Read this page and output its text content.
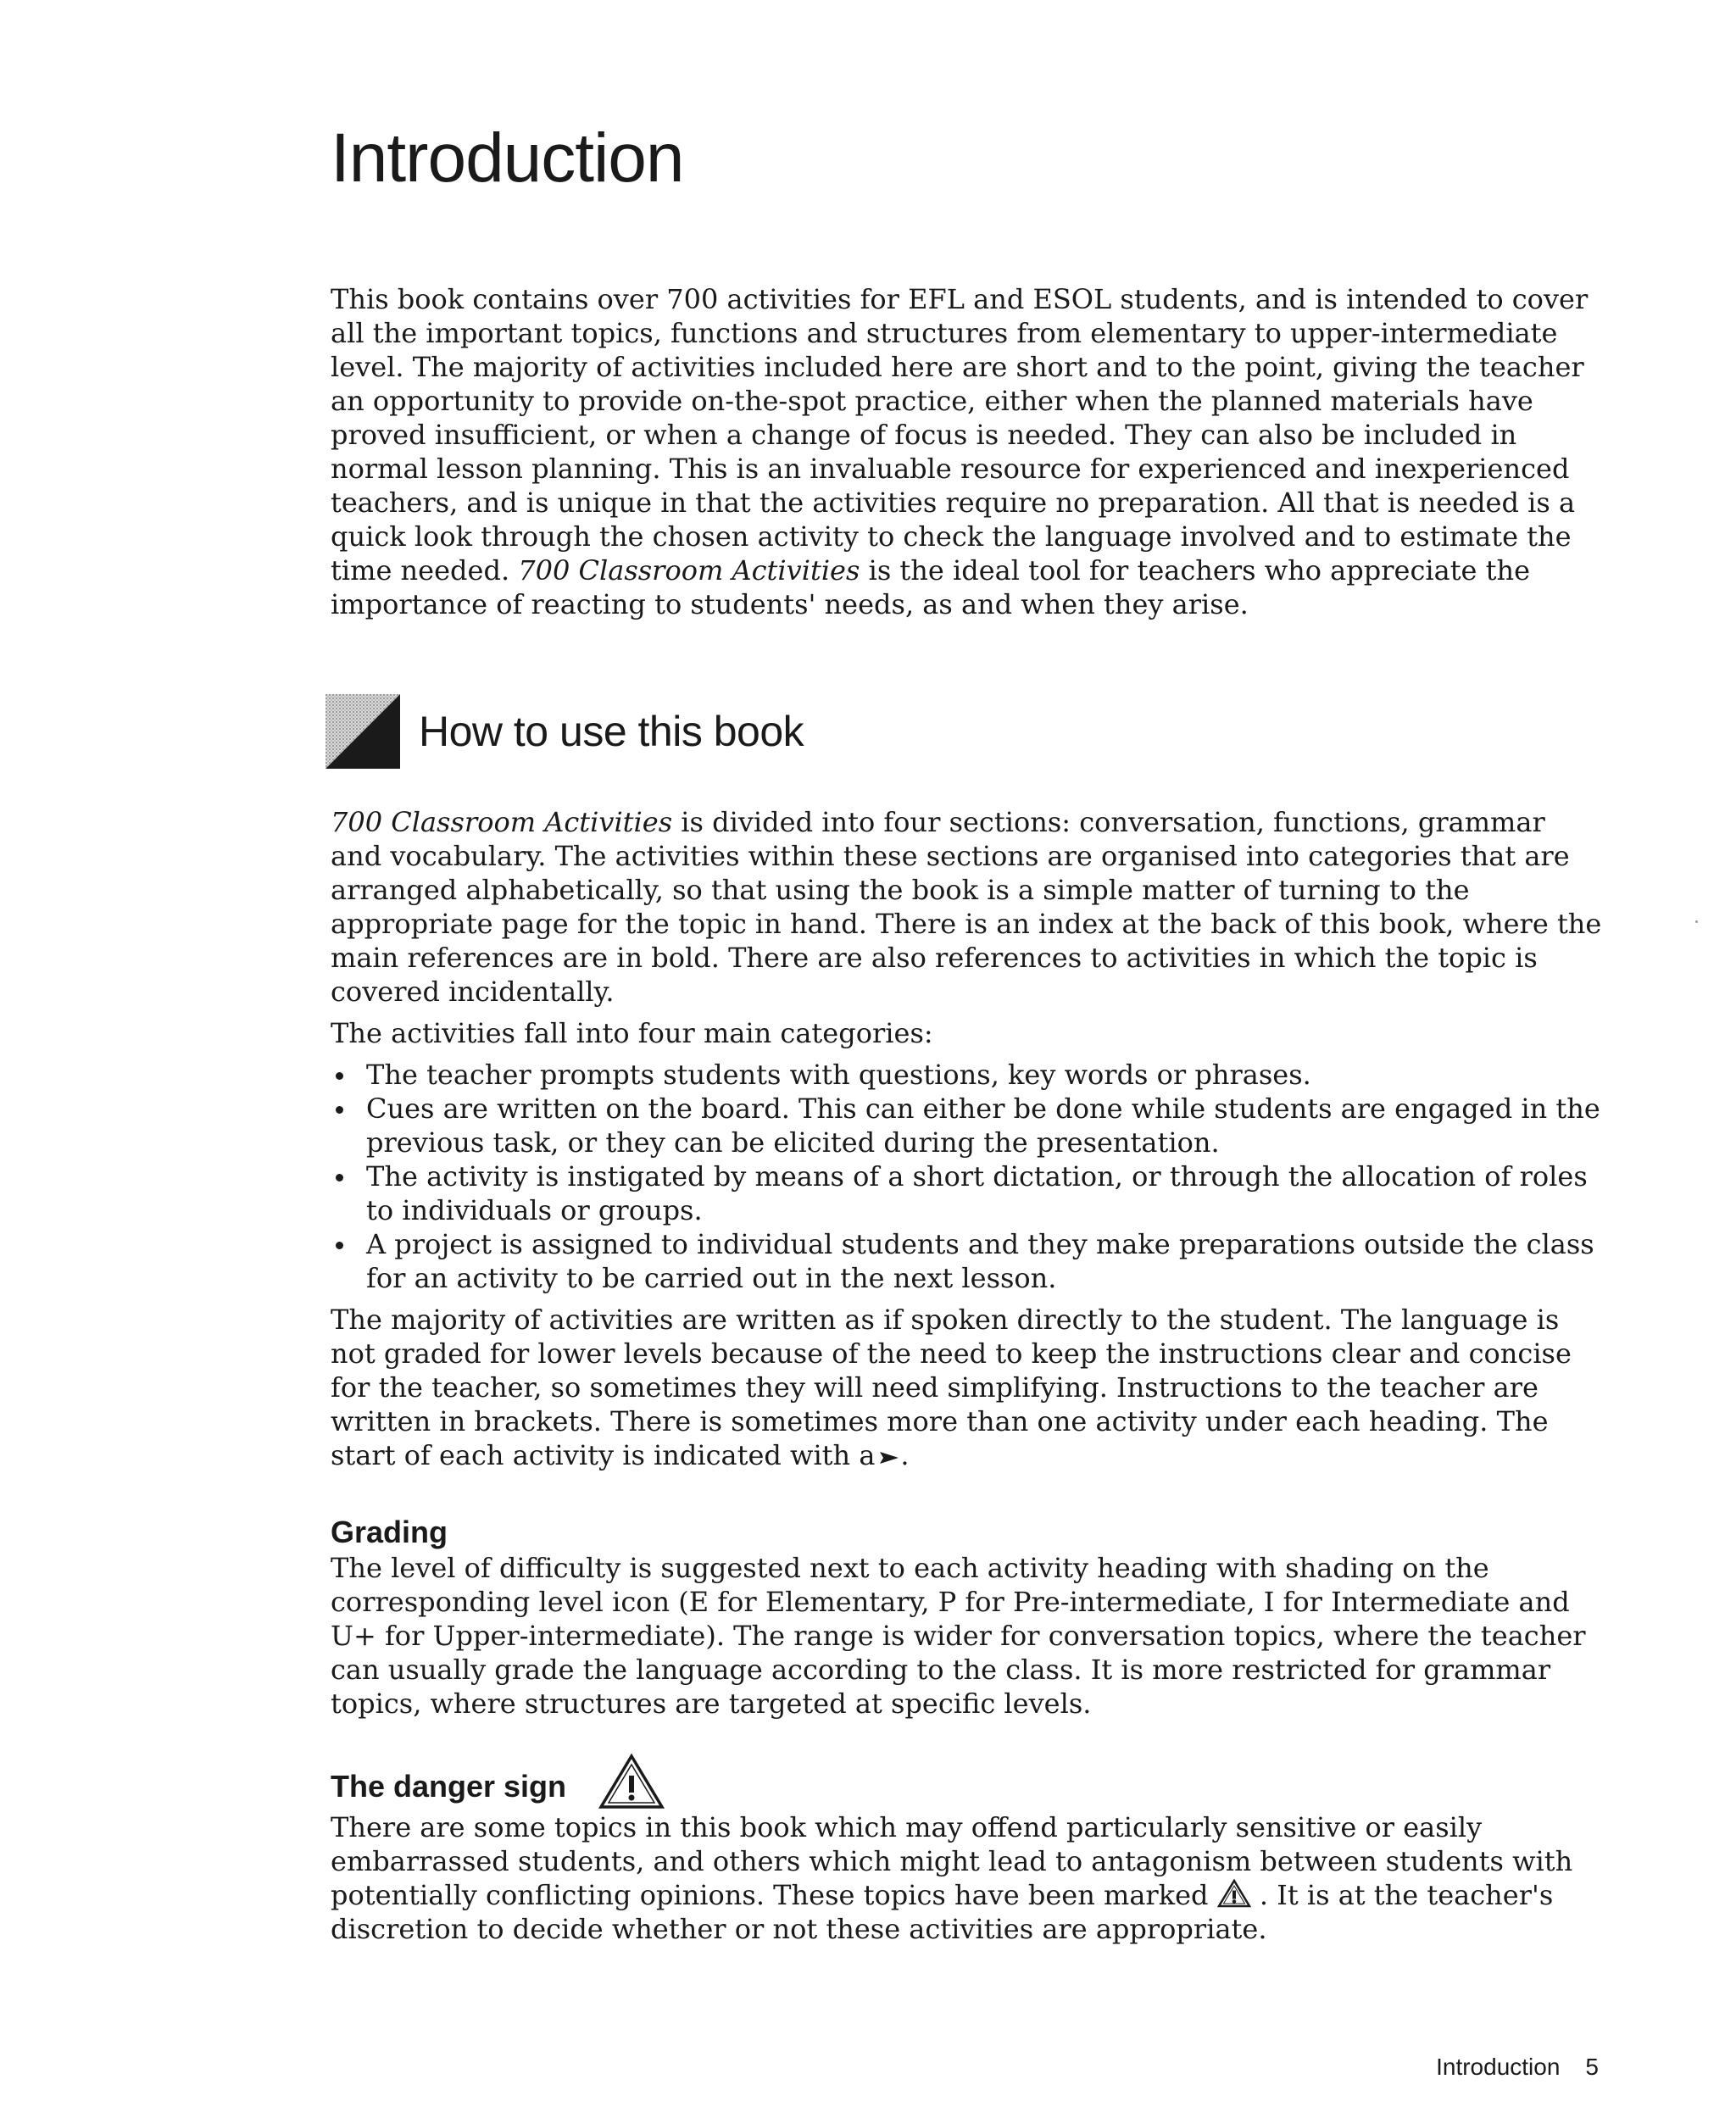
Introduction

This book contains over 700 activities for EFL and ESOL students, and is intended to cover all the important topics, functions and structures from elementary to upper-intermediate level. The majority of activities included here are short and to the point, giving the teacher an opportunity to provide on-the-spot practice, either when the planned materials have proved insufficient, or when a change of focus is needed. They can also be included in normal lesson planning. This is an invaluable resource for experienced and inexperienced teachers, and is unique in that the activities require no preparation. All that is needed is a quick look through the chosen activity to check the language involved and to estimate the time needed. 700 Classroom Activities is the ideal tool for teachers who appreciate the importance of reacting to students' needs, as and when they arise.

How to use this book

700 Classroom Activities is divided into four sections: conversation, functions, grammar and vocabulary. The activities within these sections are organised into categories that are arranged alphabetically, so that using the book is a simple matter of turning to the appropriate page for the topic in hand. There is an index at the back of this book, where the main references are in bold. There are also references to activities in which the topic is covered incidentally.

The activities fall into four main categories:

The teacher prompts students with questions, key words or phrases.
Cues are written on the board. This can either be done while students are engaged in the previous task, or they can be elicited during the presentation.
The activity is instigated by means of a short dictation, or through the allocation of roles to individuals or groups.
A project is assigned to individual students and they make preparations outside the class for an activity to be carried out in the next lesson.

The majority of activities are written as if spoken directly to the student. The language is not graded for lower levels because of the need to keep the instructions clear and concise for the teacher, so sometimes they will need simplifying. Instructions to the teacher are written in brackets. There is sometimes more than one activity under each heading. The start of each activity is indicated with a .

Grading

The level of difficulty is suggested next to each activity heading with shading on the corresponding level icon (E for Elementary, P for Pre-intermediate, I for Intermediate and U+ for Upper-intermediate). The range is wider for conversation topics, where the teacher can usually grade the language according to the class. It is more restricted for grammar topics, where structures are targeted at specific levels.

The danger sign

There are some topics in this book which may offend particularly sensitive or easily embarrassed students, and others which might lead to antagonism between students with potentially conflicting opinions. These topics have been marked . It is at the teacher's discretion to decide whether or not these activities are appropriate.

Introduction 5
